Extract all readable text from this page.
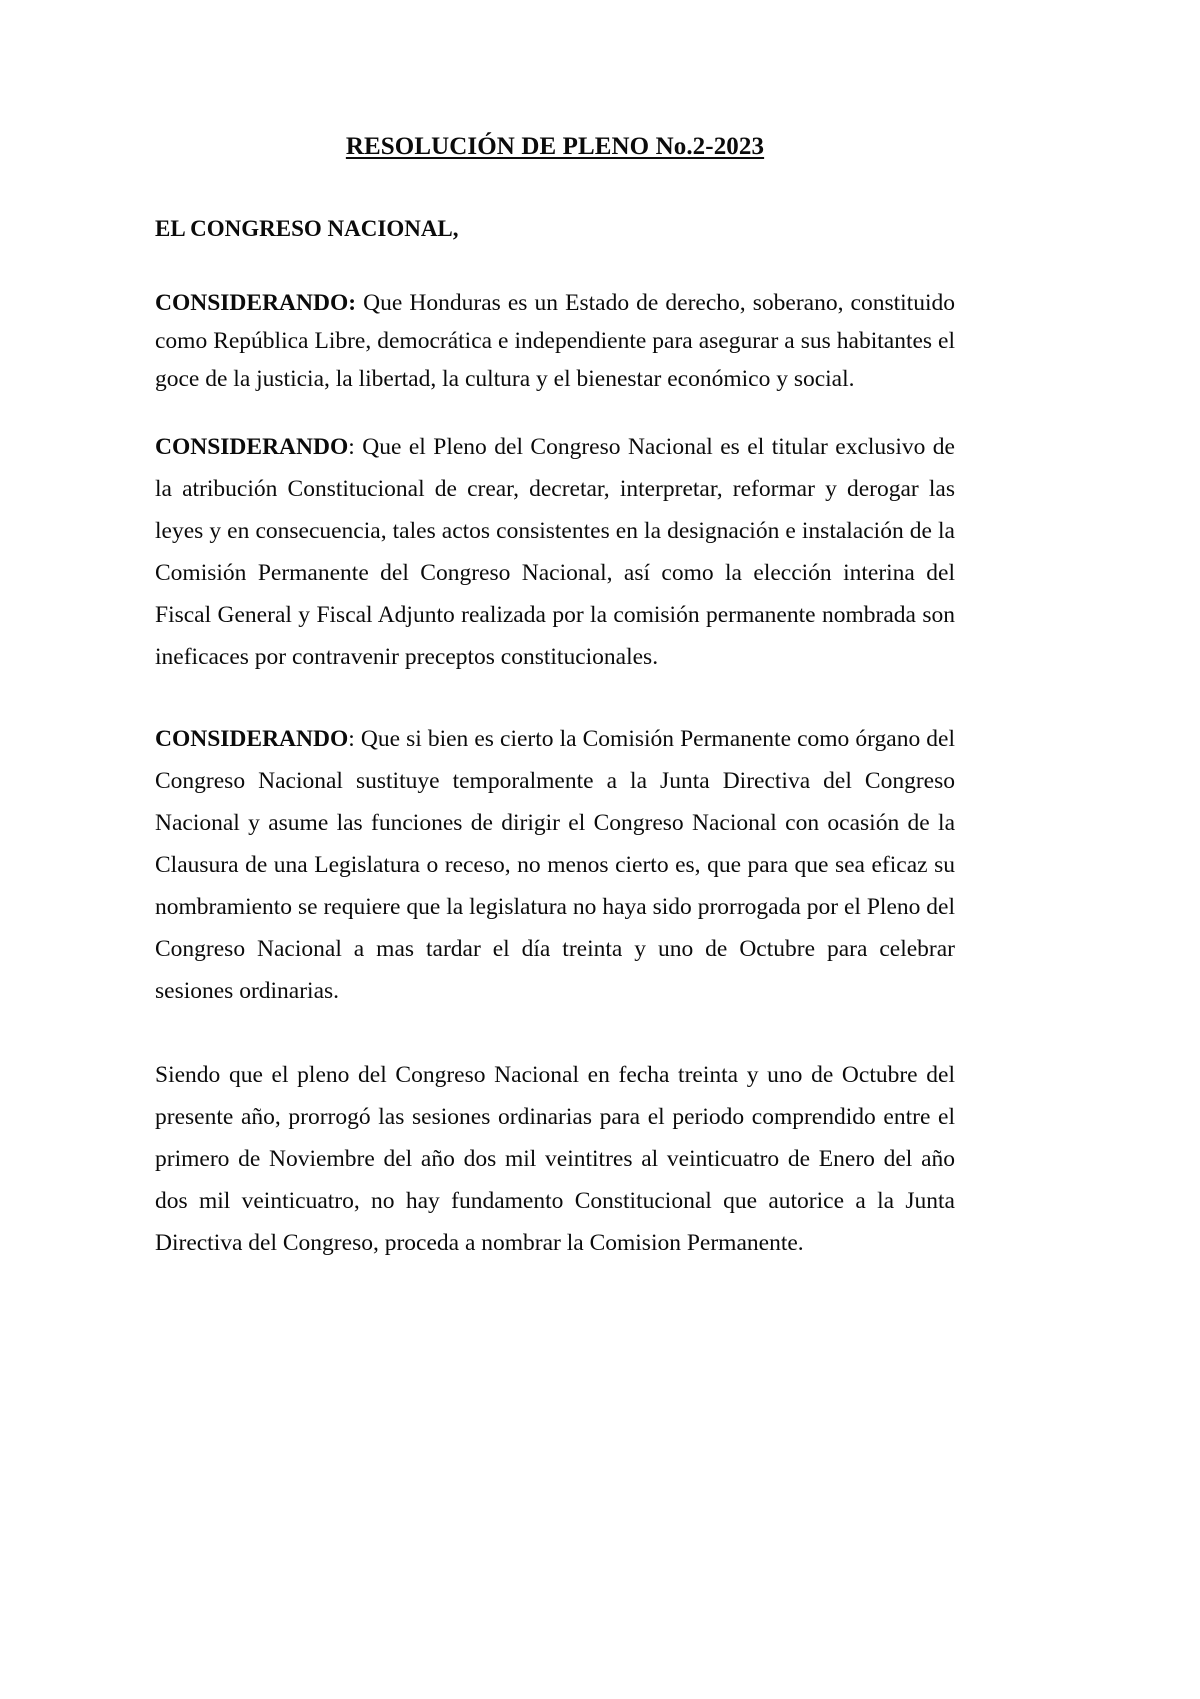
RESOLUCIÓN DE PLENO No.2-2023

EL CONGRESO NACIONAL,

CONSIDERANDO: Que Honduras es un Estado de derecho, soberano, constituido como República Libre, democrática e independiente para asegurar a sus habitantes el goce de la justicia, la libertad, la cultura y el bienestar económico y social.

CONSIDERANDO: Que el Pleno del Congreso Nacional es el titular exclusivo de la atribución Constitucional de crear, decretar, interpretar, reformar y derogar las leyes y en consecuencia, tales actos consistentes en la designación e instalación de la Comisión Permanente del Congreso Nacional, así como la elección interina del Fiscal General y Fiscal Adjunto realizada por la comisión permanente nombrada son ineficaces por contravenir preceptos constitucionales.

CONSIDERANDO: Que si bien es cierto la Comisión Permanente como órgano del Congreso Nacional sustituye temporalmente a la Junta Directiva del Congreso Nacional y asume las funciones de dirigir el Congreso Nacional con ocasión de la Clausura de una Legislatura o receso, no menos cierto es, que para que sea eficaz su nombramiento se requiere que la legislatura no haya sido prorrogada por el Pleno del Congreso Nacional a mas tardar el día treinta y uno de Octubre para celebrar sesiones ordinarias.

Siendo que el pleno del Congreso Nacional en fecha treinta y uno de Octubre del presente año, prorrogó las sesiones ordinarias para el periodo comprendido entre el primero de Noviembre del año dos mil veintitres al veinticuatro de Enero del año dos mil veinticuatro, no hay fundamento Constitucional que autorice a la Junta Directiva del Congreso, proceda a nombrar la Comision Permanente.
